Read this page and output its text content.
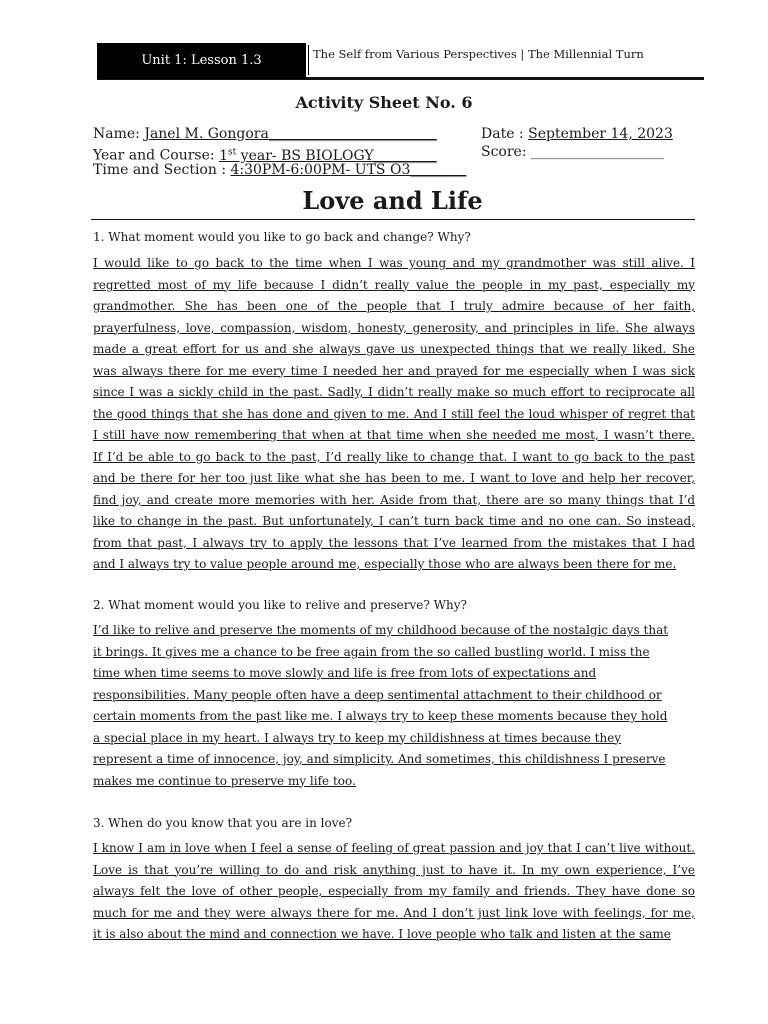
Unit 1: Lesson 1.3	The Self from Various Perspectives | The Millennial Turn
Activity Sheet No. 6
Name: Janel M. Gongora________________________	Date : September 14, 2023
Year and Course: 1st year- BS BIOLOGY_________	Score: ___________________
Time and Section : 4:30PM-6:00PM- UTS O3________
Love and Life
1. What moment would you like to go back and change? Why?
I would like to go back to the time when I was young and my grandmother was still alive. I
regretted most of my life because I didn’t really value the people in my past, especially my
grandmother. She has been one of the people that I truly admire because of her faith,
prayerfulness, love, compassion, wisdom, honesty, generosity, and principles in life. She always
made a great effort for us and she always gave us unexpected things that we really liked. She
was always there for me every time I needed her and prayed for me especially when I was sick
since I was a sickly child in the past. Sadly, I didn’t really make so much effort to reciprocate all
the good things that she has done and given to me. And I still feel the loud whisper of regret that
I still have now remembering that when at that time when she needed me most, I wasn’t there.
If I’d be able to go back to the past, I’d really like to change that. I want to go back to the past
and be there for her too just like what she has been to me. I want to love and help her recover,
find joy, and create more memories with her. Aside from that, there are so many things that I’d
like to change in the past. But unfortunately, I can’t turn back time and no one can. So instead,
from that past, I always try to apply the lessons that I’ve learned from the mistakes that I had
and I always try to value people around me, especially those who are always been there for me.
2. What moment would you like to relive and preserve? Why?
I’d like to relive and preserve the moments of my childhood because of the nostalgic days that
it brings. It gives me a chance to be free again from the so called bustling world. I miss the
time when time seems to move slowly and life is free from lots of expectations and
responsibilities. Many people often have a deep sentimental attachment to their childhood or
certain moments from the past like me. I always try to keep these moments because they hold
a special place in my heart. I always try to keep my childishness at times because they
represent a time of innocence, joy, and simplicity. And sometimes, this childishness I preserve
makes me continue to preserve my life too.
3. When do you know that you are in love?
I know I am in love when I feel a sense of feeling of great passion and joy that I can’t live without.
Love is that you’re willing to do and risk anything just to have it. In my own experience, I’ve
always felt the love of other people, especially from my family and friends. They have done so
much for me and they were always there for me. And I don’t just link love with feelings, for me,
it is also about the mind and connection we have. I love people who talk and listen at the same
